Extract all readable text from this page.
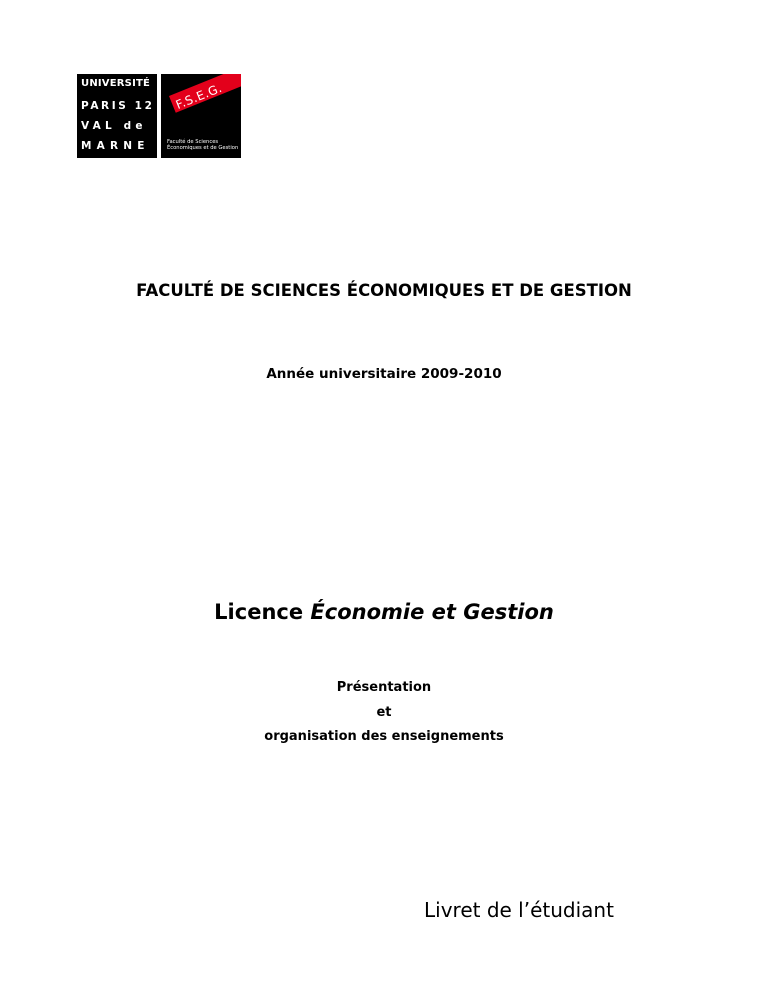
UNIVERSITÉ
PARIS 12
VAL de
MARNE
F.S.E.G.
Faculté de Sciences
Économiques et de Gestion
FACULTÉ DE SCIENCES ÉCONOMIQUES ET DE GESTION
Année universitaire 2009-2010
Licence Économie et Gestion
Présentation
et
organisation des enseignements
Livret de l’étudiant
